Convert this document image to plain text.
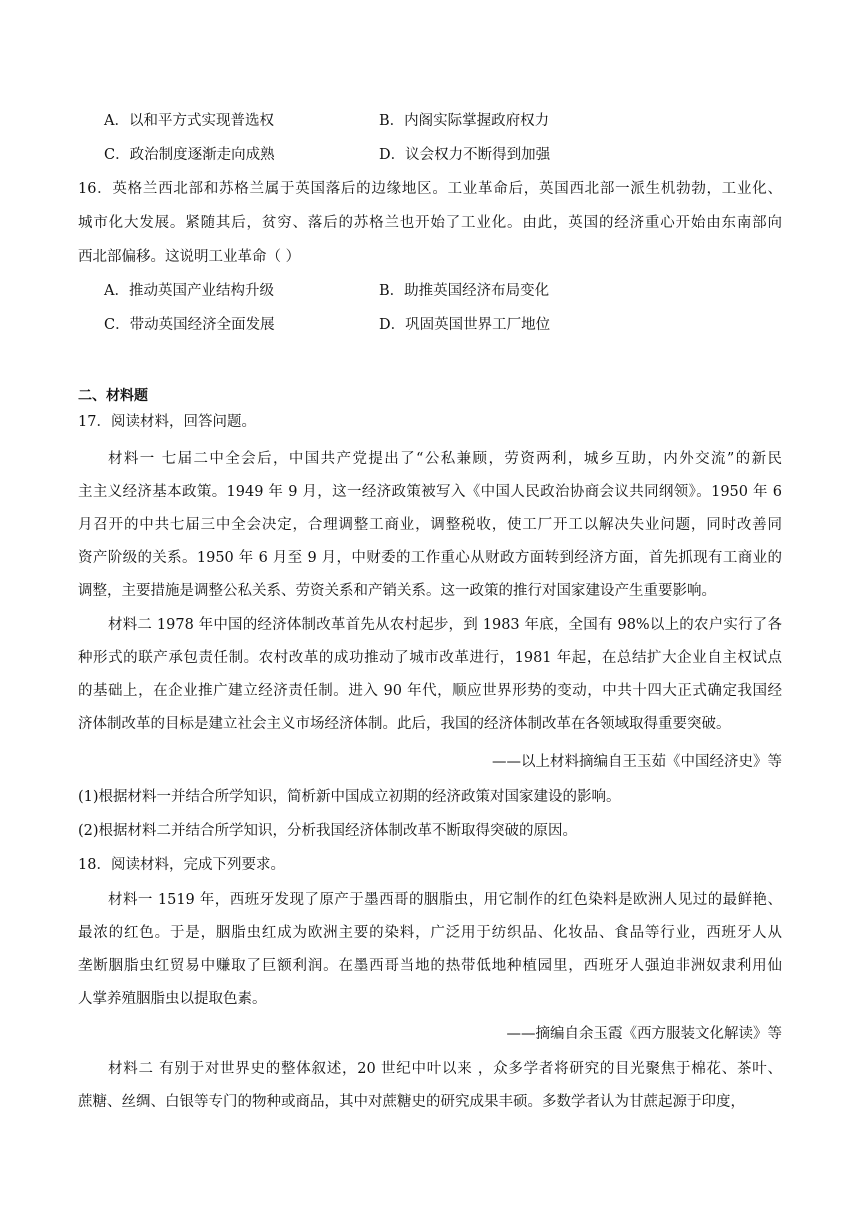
A．以和平方式实现普选权	B．内阁实际掌握政府权力
C．政治制度逐渐走向成熟	D．议会权力不断得到加强
16．英格兰西北部和苏格兰属于英国落后的边缘地区。工业革命后，英国西北部一派生机勃勃，工业化、
城市化大发展。紧随其后，贫穷、落后的苏格兰也开始了工业化。由此，英国的经济重心开始由东南部向
西北部偏移。这说明工业革命（ ）
A．推动英国产业结构升级	B．助推英国经济布局变化
C．带动英国经济全面发展	D．巩固英国世界工厂地位
二、材料题
17．阅读材料，回答问题。
材料一 七届二中全会后，中国共产党提出了“公私兼顾，劳资两利，城乡互助，内外交流”的新民
主主义经济基本政策。1949 年 9 月，这一经济政策被写入《中国人民政治协商会议共同纲领》。1950 年 6
月召开的中共七届三中全会决定，合理调整工商业，调整税收，使工厂开工以解决失业问题，同时改善同
资产阶级的关系。1950 年 6 月至 9 月，中财委的工作重心从财政方面转到经济方面，首先抓现有工商业的
调整，主要措施是调整公私关系、劳资关系和产销关系。这一政策的推行对国家建设产生重要影响。
材料二 1978 年中国的经济体制改革首先从农村起步，到 1983 年底，全国有 98%以上的农户实行了各
种形式的联产承包责任制。农村改革的成功推动了城市改革进行，1981 年起，在总结扩大企业自主权试点
的基础上，在企业推广建立经济责任制。进入 90 年代，顺应世界形势的变动，中共十四大正式确定我国经
济体制改革的目标是建立社会主义市场经济体制。此后，我国的经济体制改革在各领域取得重要突破。
——以上材料摘编自王玉茹《中国经济史》等
(1)根据材料一并结合所学知识，简析新中国成立初期的经济政策对国家建设的影响。
(2)根据材料二并结合所学知识，分析我国经济体制改革不断取得突破的原因。
18．阅读材料，完成下列要求。
材料一 1519 年，西班牙发现了原产于墨西哥的胭脂虫，用它制作的红色染料是欧洲人见过的最鲜艳、
最浓的红色。于是，胭脂虫红成为欧洲主要的染料，广泛用于纺织品、化妆品、食品等行业，西班牙人从
垄断胭脂虫红贸易中赚取了巨额利润。在墨西哥当地的热带低地种植园里，西班牙人强迫非洲奴隶利用仙
人掌养殖胭脂虫以提取色素。
——摘编自余玉霞《西方服装文化解读》等
材料二 有别于对世界史的整体叙述，20 世纪中叶以来 ，众多学者将研究的目光聚焦于棉花、茶叶、
蔗糖、丝绸、白银等专门的物种或商品，其中对蔗糖史的研究成果丰硕。多数学者认为甘蔗起源于印度，
